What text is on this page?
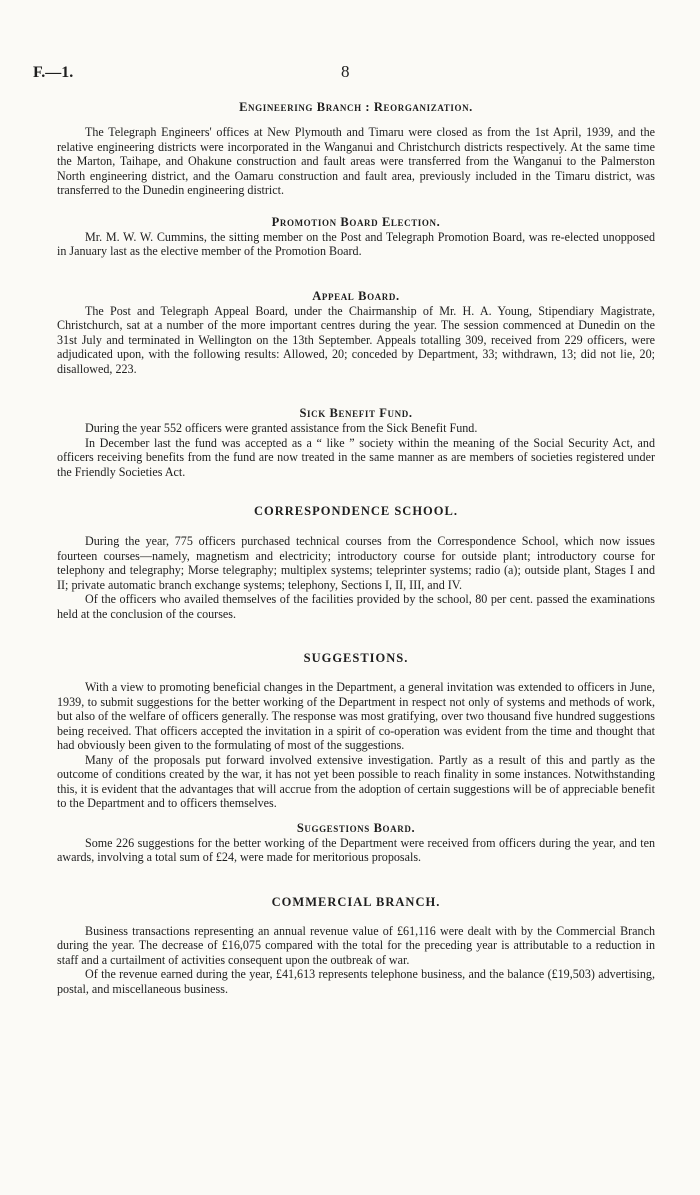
F.—1.	8
Engineering Branch : Reorganization.

The Telegraph Engineers' offices at New Plymouth and Timaru were closed as from the 1st April, 1939, and the relative engineering districts were incorporated in the Wanganui and Christchurch districts respectively. At the same time the Marton, Taihape, and Ohakune construction and fault areas were transferred from the Wanganui to the Palmerston North engineering district, and the Oamaru construction and fault area, previously included in the Timaru district, was transferred to the Dunedin engineering district.

Promotion Board Election.

Mr. M. W. W. Cummins, the sitting member on the Post and Telegraph Promotion Board, was re-elected unopposed in January last as the elective member of the Promotion Board.

Appeal Board.

The Post and Telegraph Appeal Board, under the Chairmanship of Mr. H. A. Young, Stipendiary Magistrate, Christchurch, sat at a number of the more important centres during the year. The session commenced at Dunedin on the 31st July and terminated in Wellington on the 13th September. Appeals totalling 309, received from 229 officers, were adjudicated upon, with the following results: Allowed, 20; conceded by Department, 33; withdrawn, 13; did not lie, 20; disallowed, 223.

Sick Benefit Fund.

During the year 552 officers were granted assistance from the Sick Benefit Fund.

In December last the fund was accepted as a “ like ” society within the meaning of the Social Security Act, and officers receiving benefits from the fund are now treated in the same manner as are members of societies registered under the Friendly Societies Act.

CORRESPONDENCE SCHOOL.

During the year, 775 officers purchased technical courses from the Correspondence School, which now issues fourteen courses—namely, magnetism and electricity; introductory course for outside plant; introductory course for telephony and telegraphy; Morse telegraphy; multiplex systems; teleprinter systems; radio (a); outside plant, Stages I and II; private automatic branch exchange systems; telephony, Sections I, II, III, and IV.

Of the officers who availed themselves of the facilities provided by the school, 80 per cent. passed the examinations held at the conclusion of the courses.

SUGGESTIONS.

With a view to promoting beneficial changes in the Department, a general invitation was extended to officers in June, 1939, to submit suggestions for the better working of the Department in respect not only of systems and methods of work, but also of the welfare of officers generally. The response was most gratifying, over two thousand five hundred suggestions being received. That officers accepted the invitation in a spirit of co-operation was evident from the time and thought that had obviously been given to the formulating of most of the suggestions.

Many of the proposals put forward involved extensive investigation. Partly as a result of this and partly as the outcome of conditions created by the war, it has not yet been possible to reach finality in some instances. Notwithstanding this, it is evident that the advantages that will accrue from the adoption of certain suggestions will be of appreciable benefit to the Department and to officers themselves.

Suggestions Board.

Some 226 suggestions for the better working of the Department were received from officers during the year, and ten awards, involving a total sum of £24, were made for meritorious proposals.

COMMERCIAL BRANCH.

Business transactions representing an annual revenue value of £61,116 were dealt with by the Commercial Branch during the year. The decrease of £16,075 compared with the total for the preceding year is attributable to a reduction in staff and a curtailment of activities consequent upon the outbreak of war.

Of the revenue earned during the year, £41,613 represents telephone business, and the balance (£19,503) advertising, postal, and miscellaneous business.
